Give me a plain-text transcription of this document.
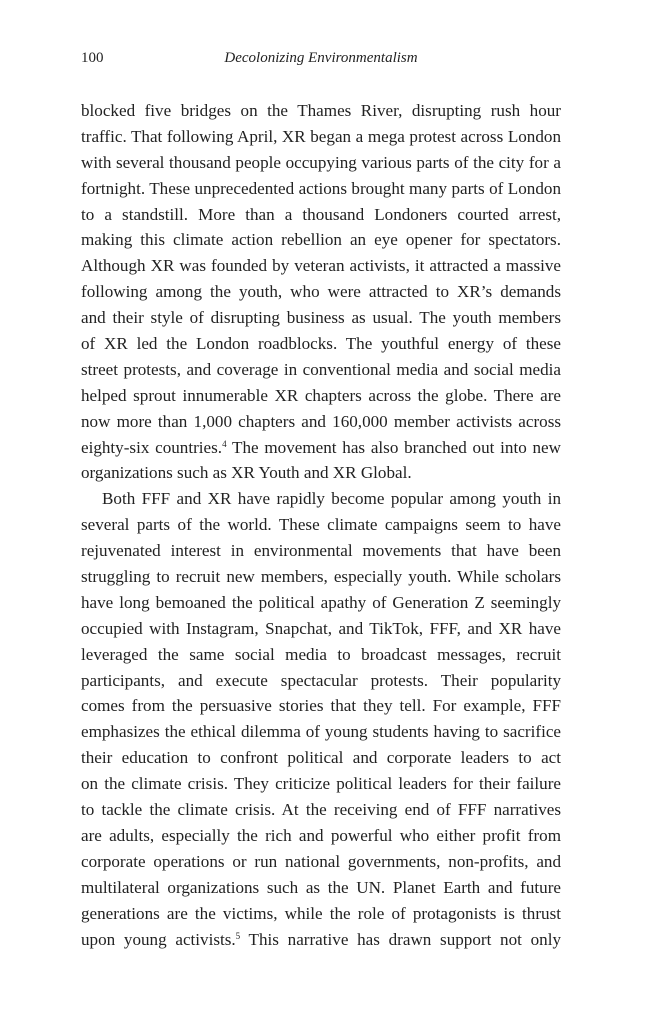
100	Decolonizing Environmentalism
blocked five bridges on the Thames River, disrupting rush hour
traffic. That following April, XR began a mega protest across London
with several thousand people occupying various parts of the city for a
fortnight. These unprecedented actions brought many parts of London
to a standstill. More than a thousand Londoners courted arrest,
making this climate action rebellion an eye opener for spectators.
Although XR was founded by veteran activists, it attracted a massive
following among the youth, who were attracted to XR’s demands
and their style of disrupting business as usual. The youth members
of XR led the London roadblocks. The youthful energy of these
street protests, and coverage in conventional media and social media
helped sprout innumerable XR chapters across the globe. There are
now more than 1,000 chapters and 160,000 member activists across
eighty-six countries.$^4$ The movement has also branched out into new
organizations such as XR Youth and XR Global.
Both FFF and XR have rapidly become popular among youth in
several parts of the world. These climate campaigns seem to have
rejuvenated interest in environmental movements that have been
struggling to recruit new members, especially youth. While scholars
have long bemoaned the political apathy of Generation Z seemingly
occupied with Instagram, Snapchat, and TikTok, FFF, and XR have
leveraged the same social media to broadcast messages, recruit
participants, and execute spectacular protests. Their popularity
comes from the persuasive stories that they tell. For example, FFF
emphasizes the ethical dilemma of young students having to sacrifice
their education to confront political and corporate leaders to act
on the climate crisis. They criticize political leaders for their failure
to tackle the climate crisis. At the receiving end of FFF narratives
are adults, especially the rich and powerful who either profit from
corporate operations or run national governments, non-profits, and
multilateral organizations such as the UN. Planet Earth and future
generations are the victims, while the role of protagonists is thrust
upon young activists.$^5$ This narrative has drawn support not only
